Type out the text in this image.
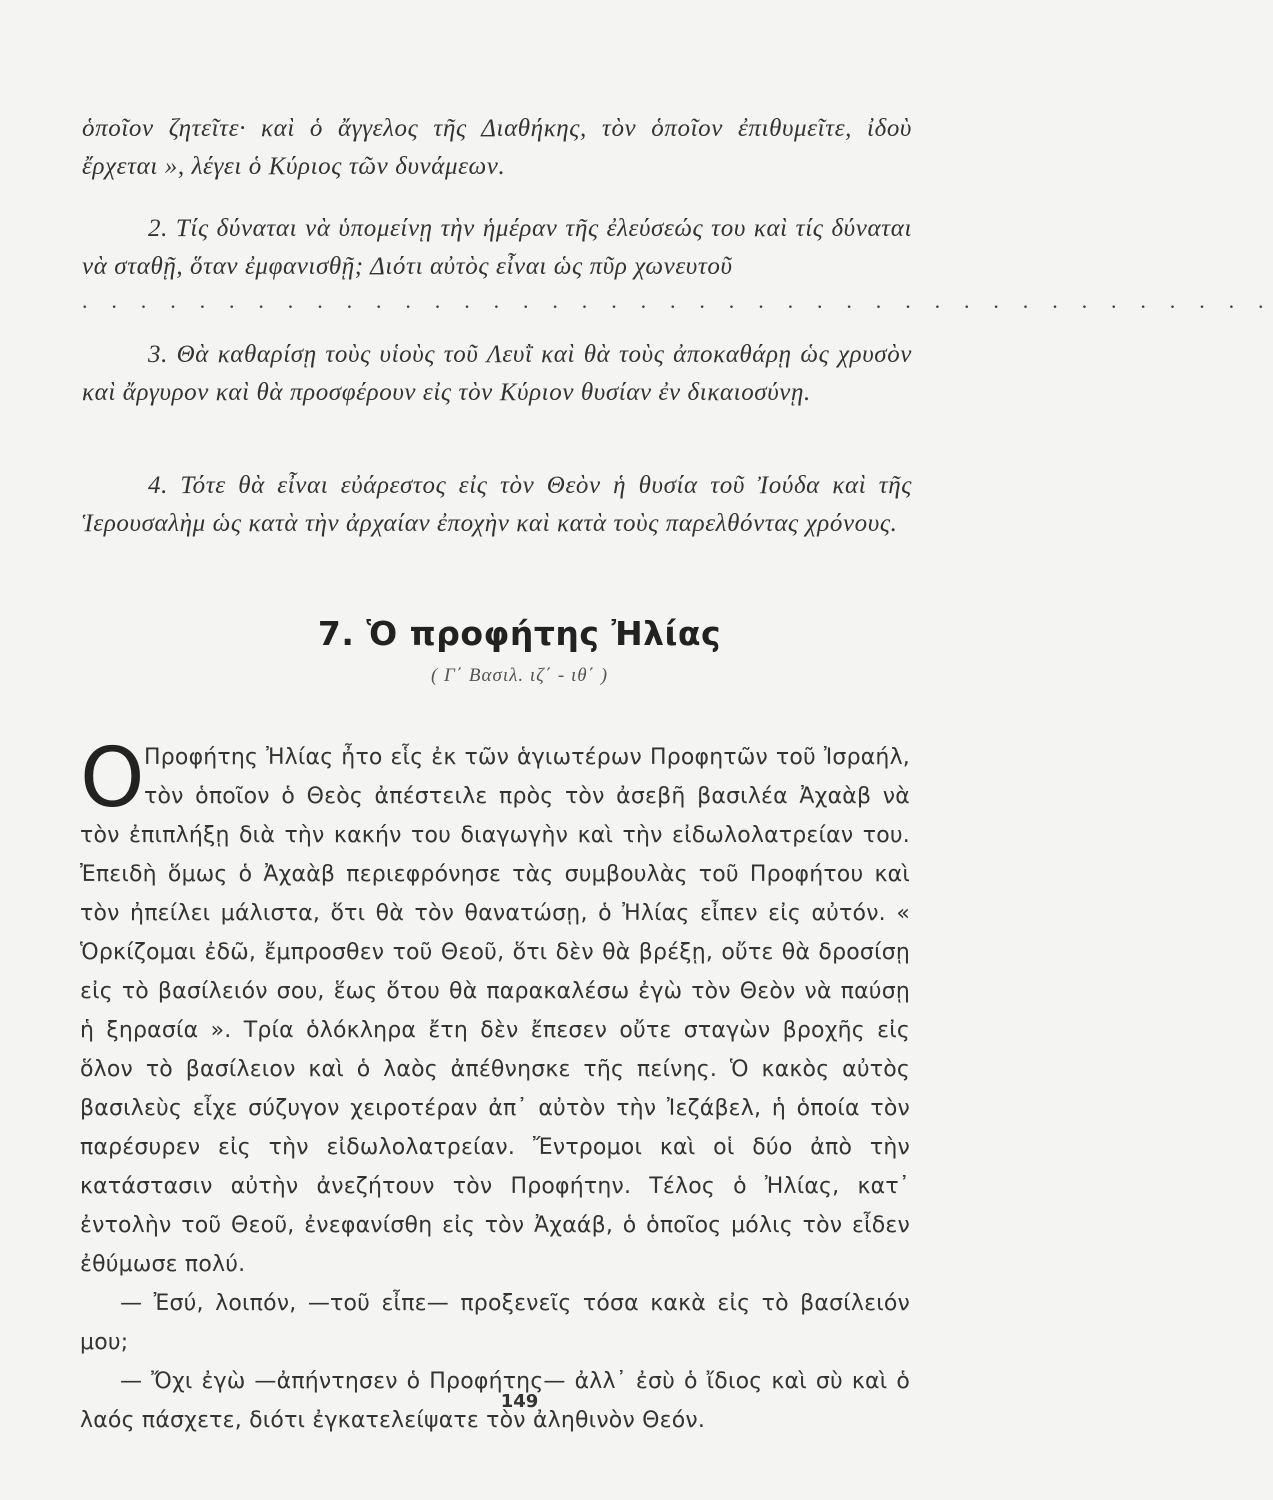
ὁποῖον ζητεῖτε· καὶ ὁ ἄγγελος τῆς Διαθήκης, τὸν ὁποῖον ἐπιθυμεῖτε, ἰδοὺ ἔρχεται », λέγει ὁ Κύριος τῶν δυνάμεων.

2. Τίς δύναται νὰ ὑπομείνῃ τὴν ἡμέραν τῆς ἐλεύσεώς του καὶ τίς δύναται νὰ σταθῇ, ὅταν ἐμφανισθῇ; Διότι αὐτὸς εἶναι ὡς πῦρ χωνευτοῦ

. . . . . . . . . . . . . . . . . . . . . . . . . . . . . . . . . . . . . . . . .

3. Θὰ καθαρίσῃ τοὺς υἱοὺς τοῦ Λευῒ καὶ θὰ τοὺς ἀποκαθάρῃ ὡς χρυσὸν καὶ ἄργυρον καὶ θὰ προσφέρουν εἰς τὸν Κύριον θυσίαν ἐν δικαιοσύνῃ.

4. Τότε θὰ εἶναι εὐάρεστος εἰς τὸν Θεὸν ἡ θυσία τοῦ Ἰούδα καὶ τῆς Ἱερουσαλὴμ ὡς κατὰ τὴν ἀρχαίαν ἐποχὴν καὶ κατὰ τοὺς παρελθόντας χρόνους.

7. Ὁ προφήτης Ἠλίας
( Γ΄ Βασιλ. ιζ΄ - ιθ΄ )
Ο Προφήτης Ἠλίας ἦτο εἷς ἐκ τῶν ἁγιωτέρων Προφητῶν τοῦ Ἰσραήλ, τὸν ὁποῖον ὁ Θεὸς ἀπέστειλε πρὸς τὸν ἀσεβῆ βασιλέα Ἀχαὰβ νὰ τὸν ἐπιπλήξῃ διὰ τὴν κακήν του διαγωγὴν καὶ τὴν εἰδωλολατρείαν του. Ἐπειδὴ ὅμως ὁ Ἀχαὰβ περιεφρόνησε τὰς συμβουλὰς τοῦ Προφήτου καὶ τὸν ἠπείλει μάλιστα, ὅτι θὰ τὸν θανατώσῃ, ὁ Ἠλίας εἶπεν εἰς αὐτόν. « Ὁρκίζομαι ἐδῶ, ἔμπροσθεν τοῦ Θεοῦ, ὅτι δὲν θὰ βρέξῃ, οὔτε θὰ δροσίσῃ εἰς τὸ βασίλειόν σου, ἕως ὅτου θὰ παρακαλέσω ἐγὼ τὸν Θεὸν νὰ παύσῃ ἡ ξηρασία ». Τρία ὁλόκληρα ἔτη δὲν ἔπεσεν οὔτε σταγὼν βροχῆς εἰς ὅλον τὸ βασίλειον καὶ ὁ λαὸς ἀπέθνησκε τῆς πείνης. Ὁ κακὸς αὐτὸς βασιλεὺς εἶχε σύζυγον χειροτέραν ἀπ᾽ αὐτὸν τὴν Ἰεζάβελ, ἡ ὁποία τὸν παρέσυρεν εἰς τὴν εἰδωλολατρείαν. Ἔντρομοι καὶ οἱ δύο ἀπὸ τὴν κατάστασιν αὐτὴν ἀνεζήτουν τὸν Προφήτην. Τέλος ὁ Ἠλίας, κατ᾽ ἐντολὴν τοῦ Θεοῦ, ἐνεφανίσθη εἰς τὸν Ἀχαάβ, ὁ ὁποῖος μόλις τὸν εἶδεν ἐθύμωσε πολύ.

— Ἐσύ, λοιπόν, —τοῦ εἶπε— προξενεῖς τόσα κακὰ εἰς τὸ βασίλειόν μου;

— Ὄχι ἐγὼ —ἀπήντησεν ὁ Προφήτης— ἀλλ᾽ ἐσὺ ὁ ἴδιος καὶ σὺ καὶ ὁ λαός πάσχετε, διότι ἐγκατελείψατε τὸν ἀληθινὸν Θεόν.

149
